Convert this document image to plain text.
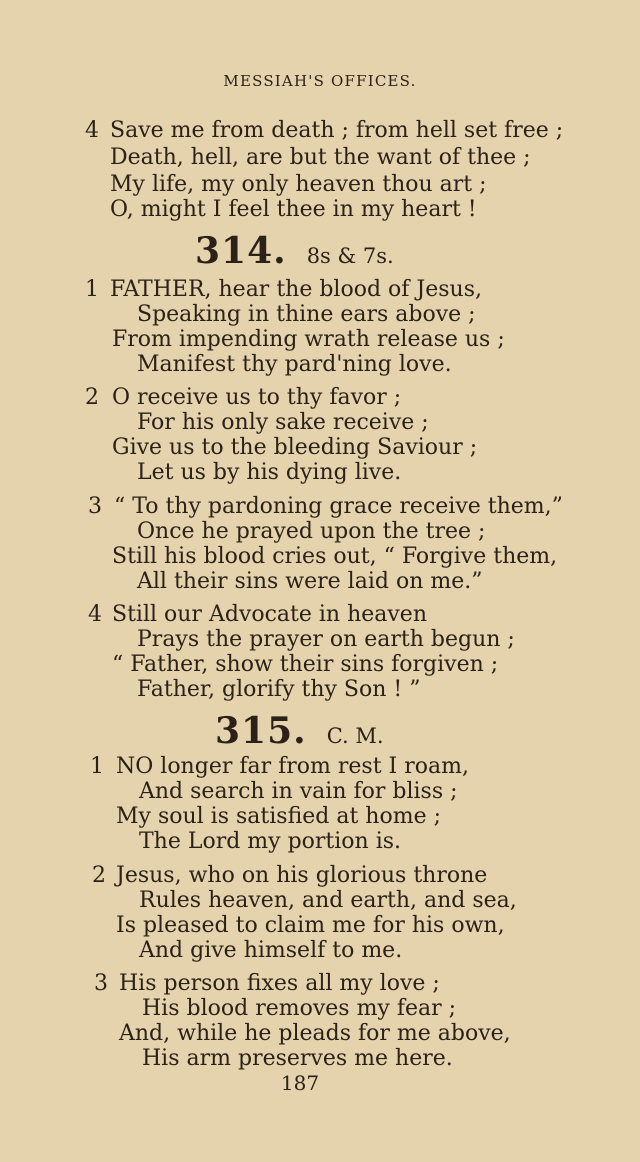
MESSIAH'S OFFICES.
4 Save me from death ; from hell set free ;
Death, hell, are but the want of thee ;
My life, my only heaven thou art ;
O, might I feel thee in my heart !
314. 8s & 7s.
1 FATHER, hear the blood of Jesus,
Speaking in thine ears above ;
From impending wrath release us ;
Manifest thy pard'ning love.
2 O receive us to thy favor ;
For his only sake receive ;
Give us to the bleeding Saviour ;
Let us by his dying live.
3 “ To thy pardoning grace receive them,”
Once he prayed upon the tree ;
Still his blood cries out, “ Forgive them,
All their sins were laid on me.”
4 Still our Advocate in heaven
Prays the prayer on earth begun ;
“ Father, show their sins forgiven ;
Father, glorify thy Son ! ”
315. C. M.
1 NO longer far from rest I roam,
And search in vain for bliss ;
My soul is satisfied at home ;
The Lord my portion is.
2 Jesus, who on his glorious throne
Rules heaven, and earth, and sea,
Is pleased to claim me for his own,
And give himself to me.
3 His person fixes all my love ;
His blood removes my fear ;
And, while he pleads for me above,
His arm preserves me here.
187
